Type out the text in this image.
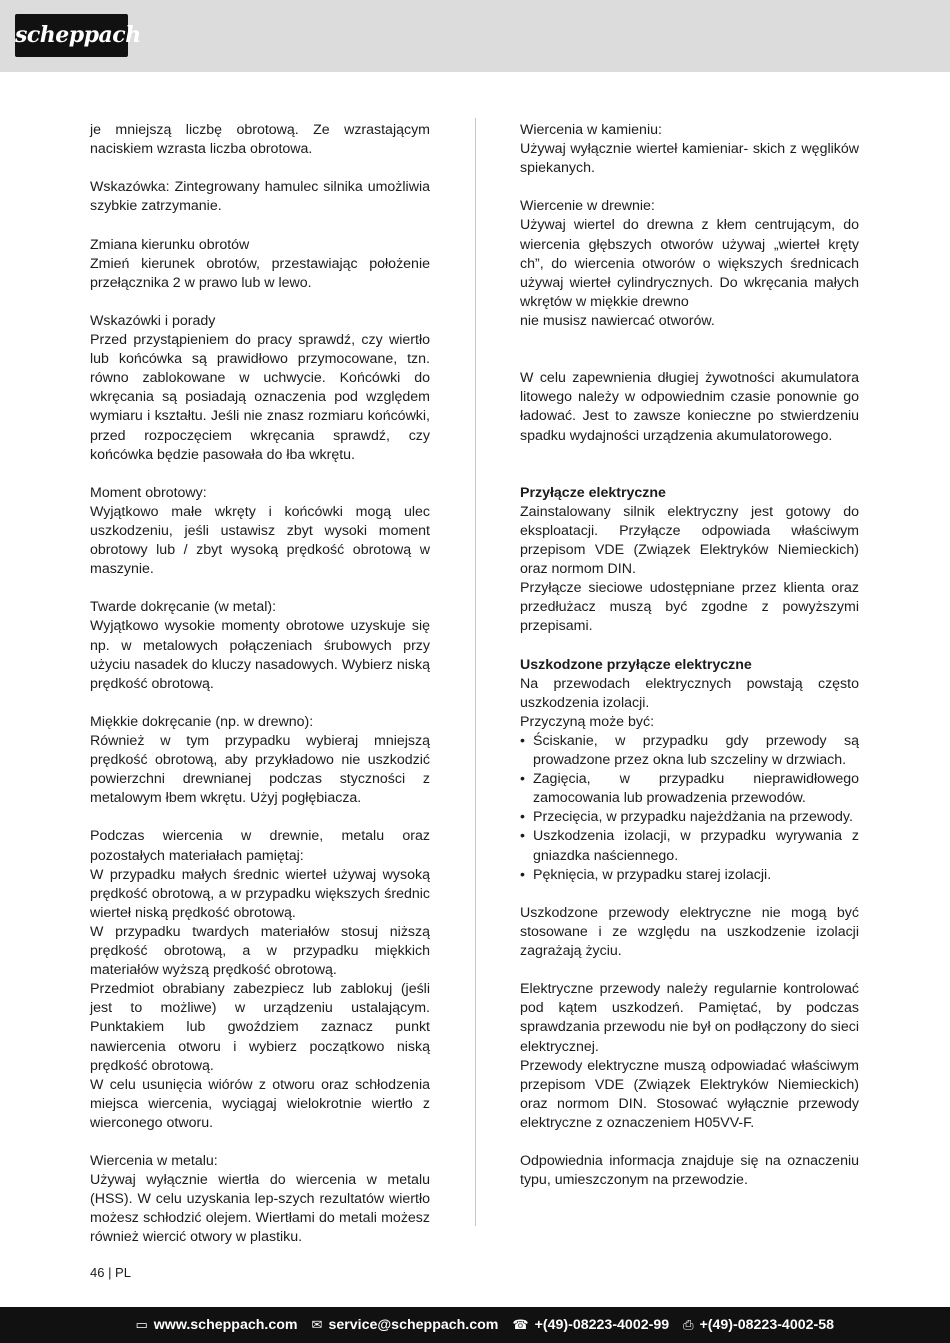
scheppach

je mniejszą liczbę obrotową. Ze wzrastającym naciskiem wzrasta liczba obrotowa.

Wskazówka: Zintegrowany hamulec silnika umożliwia szybkie zatrzymanie.

Zmiana kierunku obrotów
Zmień kierunek obrotów, przestawiając położenie przełącznika 2 w prawo lub w lewo.

Wskazówki i porady
Przed przystąpieniem do pracy sprawdź, czy wiertło lub końcówka są prawidłowo przymocowane, tzn. równo zablokowane w uchwycie. Końcówki do wkręcania są posiadają oznaczenia pod względem wymiaru i kształtu. Jeśli nie znasz rozmiaru końcówki, przed rozpoczęciem wkręcania sprawdź, czy końcówka będzie pasowała do łba wkrętu.

Moment obrotowy:
Wyjątkowo małe wkręty i końcówki mogą ulec uszkodzeniu, jeśli ustawisz zbyt wysoki moment obrotowy lub / zbyt wysoką prędkość obrotową w maszynie.

Twarde dokręcanie (w metal):
Wyjątkowo wysokie momenty obrotowe uzyskuje się np. w metalowych połączeniach śrubowych przy użyciu nasadek do kluczy nasadowych. Wybierz niską prędkość obrotową.

Miękkie dokręcanie (np. w drewno):
Również w tym przypadku wybieraj mniejszą prędkość obrotową, aby przykładowo nie uszkodzić powierzchni drewnianej podczas styczności z metalowym łbem wkrętu. Użyj pogłębiacza.

Podczas wiercenia w drewnie, metalu oraz pozostałych materiałach pamiętaj:
W przypadku małych średnic wierteł używaj wysoką prędkość obrotową, a w przypadku większych średnic wierteł niską prędkość obrotową.
W przypadku twardych materiałów stosuj niższą prędkość obrotową, a w przypadku miękkich materiałów wyższą prędkość obrotową.
Przedmiot obrabiany zabezpiecz lub zablokuj (jeśli jest to możliwe) w urządzeniu ustalającym. Punktakiem lub gwoździem zaznacz punkt nawiercenia otworu i wybierz początkowo niską prędkość obrotową.
W celu usunięcia wiórów z otworu oraz schłodzenia miejsca wiercenia, wyciągaj wielokrotnie wiertło z wierconego otworu.

Wiercenia w metalu:
Używaj wyłącznie wiertła do wiercenia w metalu (HSS). W celu uzyskania lep-szych rezultatów wiertło możesz schłodzić olejem. Wiertłami do metali możesz również wiercić otwory w plastiku.

Wiercenia w kamieniu:
Używaj wyłącznie wierteł kamieniar- skich z węglików spiekanych.

Wiercenie w drewnie:
Używaj wiertel do drewna z kłem centrującym, do wiercenia głębszych otworów używaj „wierteł kręty​ch”, do wiercenia otworów o większych średnicach używaj wierteł cylindrycznych. Do wkręcania małych wkrętów w miękkie drewno
nie musisz nawiercać otworów.

W celu zapewnienia długiej żywotności akumulatora litowego należy w odpowiednim czasie ponownie go ładować. Jest to zawsze konieczne po stwierdzeniu spadku wydajności urządzenia akumulatorowego.

Przyłącze elektryczne
Zainstalowany silnik elektryczny jest gotowy do eksploatacji. Przyłącze odpowiada właściwym przepisom VDE (Związek Elektryków Niemieckich) oraz normom DIN.
Przyłącze sieciowe udostępniane przez klienta oraz przedłużacz muszą być zgodne z powyższymi przepisami.

Uszkodzone przyłącze elektryczne
Na przewodach elektrycznych powstają często uszkodzenia izolacji.
Przyczyną może być:

• Ściskanie, w przypadku gdy przewody są prowadzone przez okna lub szczeliny w drzwiach.
• Zagięcia, w przypadku nieprawidłowego zamocowania lub prowadzenia przewodów.
• Przecięcia, w przypadku najeżdżania na przewody.
• Uszkodzenia izolacji, w przypadku wyrywania z gniazdka naściennego.
• Pęknięcia, w przypadku starej izolacji.

Uszkodzone przewody elektryczne nie mogą być stosowane i ze względu na uszkodzenie izolacji zagrażają życiu.

Elektryczne przewody należy regularnie kontrolować pod kątem uszkodzeń. Pamiętać, by podczas sprawdzania przewodu nie był on podłączony do sieci elektrycznej.
Przewody elektryczne muszą odpowiadać właściwym przepisom VDE (Związek Elektryków Niemieckich) oraz normom DIN. Stosować wyłącznie przewody elektryczne z oznaczeniem H05VV-F.

Odpowiednia informacja znajduje się na oznaczeniu typu, umieszczonym na przewodzie.

46 | PL
▭ www.scheppach.com ✉ service@scheppach.com ☎ +(49)-08223-4002-99 ⎙ +(49)-08223-4002-58
